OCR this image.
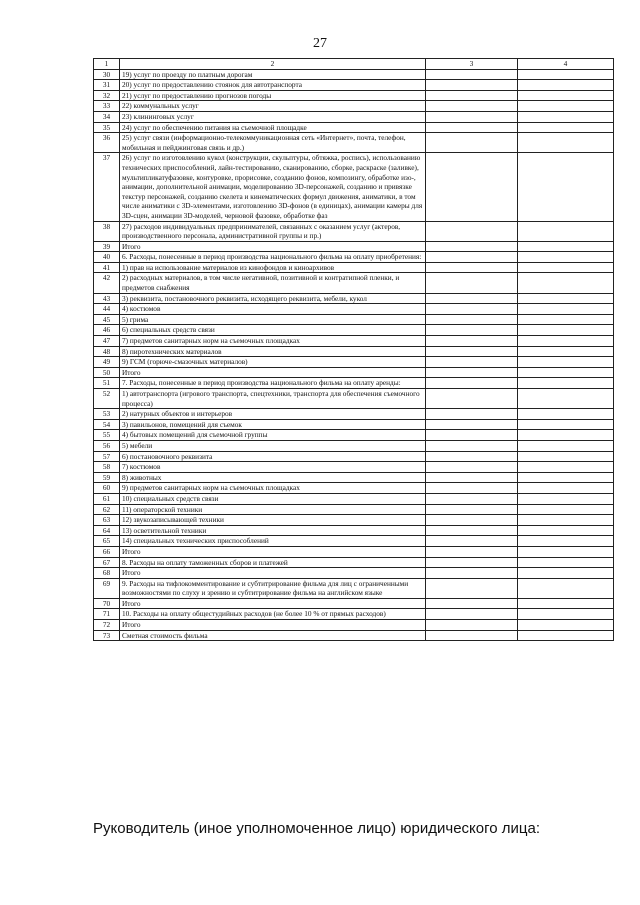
27
1	2	3	4
30	19) услуг по проезду по платным дорогам		
31	20) услуг по предоставлению стоянок для автотранспорта		
32	21) услуг по предоставлению прогнозов погоды		
33	22) коммунальных услуг		
34	23) клининговых услуг		
35	24) услуг по обеспечению питания на съемочной площадке		
36	25) услуг связи (информационно-телекоммуникационная сеть «Интернет», почта, телефон, мобильная и пейджинговая связь и др.)		
37	26) услуг по изготовлению кукол (конструкции, скульптуры, обтяжка, роспись), использованию технических приспособлений, лайн-тестированию, сканированию, сборке, раскраске (заливке), мультипликатуфазовке, контуровке, прорисовке, созданию фонов, композингу, обработке изо-, анимации, дополнительной анимации, моделированию 3D-персонажей, созданию и привязке текстур персонажей, созданию скелета и кинематических формул движения, аниматики, в том числе аниматики с 3D-элементами, изготовлению 3D-фонов (в единицах), анимации камеры для 3D-сцен, анимации 3D-моделей, черновой фазовке, обработке фаз		
38	27) расходов индивидуальных предпринимателей, связанных с оказанием услуг (актеров, производственного персонала, административной группы и пр.)		
39	Итого		
40	6. Расходы, понесенные в период производства национального фильма на оплату приобретения:		
41	1) прав на использование материалов из кинофондов и киноархивов		
42	2) расходных материалов, в том числе негативной, позитивной и контратипной пленки, и предметов снабжения		
43	3) реквизита, постановочного реквизита, исходящего реквизита, мебели, кукол		
44	4) костюмов		
45	5) грима		
46	6) специальных средств связи		
47	7) предметов санитарных норм на съемочных площадках		
48	8) пиротехнических материалов		
49	9) ГСМ (горюче-смазочных материалов)		
50	Итого		
51	7. Расходы, понесенные в период производства национального фильма на оплату аренды:		
52	1) автотранспорта (игрового транспорта, спецтехники, транспорта для обеспечения съемочного процесса)		
53	2) натурных объектов и интерьеров		
54	3) павильонов, помещений для съемок		
55	4) бытовых помещений для съемочной группы		
56	5) мебели		
57	6) постановочного реквизита		
58	7) костюмов		
59	8) животных		
60	9) предметов санитарных норм на съемочных площадках		
61	10) специальных средств связи		
62	11) операторской техники		
63	12) звукозаписывающей техники		
64	13) осветительной техники		
65	14) специальных технических приспособлений		
66	Итого		
67	8. Расходы на оплату таможенных сборов и платежей		
68	Итого		
69	9. Расходы на тифлокомментирование и субтитрирование фильма для лиц с ограниченными возможностями по слуху и зрению и субтитрирование фильма на английском языке		
70	Итого		
71	10. Расходы на оплату общестудийных расходов (не более 10 % от прямых расходов)		
72	Итого		
73	Сметная стоимость фильма		
Руководитель (иное уполномоченное лицо) юридического лица:
